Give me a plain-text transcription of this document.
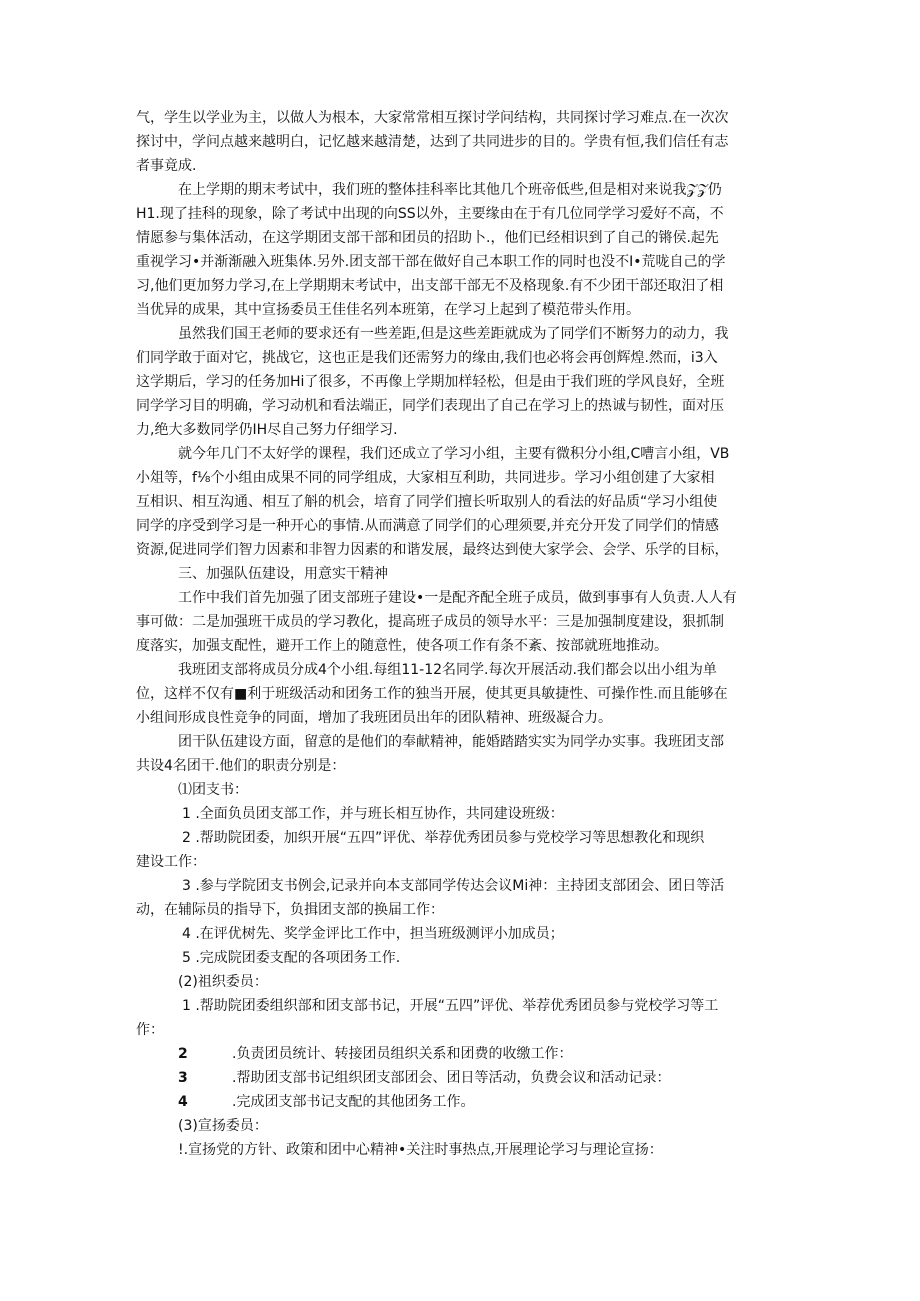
气，学生以学业为主，以做人为根本，大家常常相互探讨学问结构，共同探讨学习难点.在一次次
探讨中，学问点越来越明白，记忆越来越清楚，达到了共同进步的目的。学贵有恒,我们信任有志
者事竟成.
在上学期的期末考试中，我们班的整体挂科率比其他几个班帝低些,但是相对来说我𝒵𝒵仍
H1.现了挂科的现象，除了考试中出现的向SS以外，主要缘由在于有几位同学学习爱好不高，不
情愿参与集体活动，在这学期团支部干部和团员的招助卜.，他们已经相识到了自己的锵侯.起先
重视学习•并渐渐融入班集体.另外.团支部干部在做好自己本职工作的同时也没不I•荒咙自己的学
习,他们更加努力学习,在上学期期末考试中，出支部干部无不及格现象.有不少团干部还取汨了相
当优异的成果，其中宣扬委员王佳佳名列本班第，在学习上起到了模范带头作用。
虽然我们国王老师的要求还有一些差距,但是这些差距就成为了同学们不断努力的动力，我
们同学敢于面对它，挑战它，这也正是我们还需努力的缘由,我们也必将会再创辉煌.然而，i3入
这学期后，学习的任务加Hi了很多，不再像上学期加样轻松，但是由于我们班的学风良好，全班
同学学习目的明确，学习动机和看法端正，同学们表现出了自己在学习上的热诚与韧性，面对压
力,绝大多数同学仍IH尽自己努力仔细学习.
就今年几门不太好学的课程，我们还成立了学习小组，主要有微积分小组,C嘈言小组，VB
小俎等，f⅛个小组由成果不同的同学组成，大家相互利助，共同进步。学习小组创建了大家相
互相识、相互沟通、相互了斛的机会，培育了同学们擅长听取别人的看法的好品质“学习小组使
同学的序受到学习是一种开心的事情.从而满意了同学们的心理须要,并充分开发了同学们的情感
资源,促进同学们智力因素和非智力因素的和谐发展，最终达到使大家学会、会学、乐学的目标，
三、加强队伍建设，用意实干精神
工作中我们首先加强了团支部班子建设•一是配齐配全班子成员，做到事事有人负责.人人有
事可做：二是加强班干成员的学习教化，提高班子成员的领导水平：三是加强制度建设，狠抓制
度落实，加强支配性，避开工作上的随意性，使各项工作有条不紊、按部就班地推动。
我班团支部将成员分成4个小组.每组11-12名同学.每次开展活动.我们都会以出小组为单
位，这样不仅有■利于班级活动和团务工作的独当开展，使其更具敏捷性、可操作性.而且能够在
小组间形成良性竞争的同面，增加了我班团员出年的团队精神、班级凝合力。
团干队伍建设方面，留意的是他们的奉献精神，能婚踏踏实实为同学办实事。我班团支部
共设4名团干.他们的职责分别是：
⑴团支书：
1 .全面负员团支部工作，并与班长相互协作，共同建设班级：
2 .帮助院团委，加织开展“五四”评优、举荐优秀团员参与党校学习等思想教化和现织
建设工作：
3 .参与学院团支书例会,记录并向本支部同学传达会议Mi神：主持团支部团会、团日等活
动，在辅际员的指导下，负揖团支部的换届工作：
4 .在评优树先、奖学金评比工作中，担当班级测评小加成员；
5 .完成院团委支配的各项团务工作.
(2)祖织委员：
1 .帮助院团委组织部和团支部书记，开展“五四”评优、举荐优秀团员参与党校学习等工
作：
2	.负责团员统计、转接团员组织关系和团费的收缴工作：
3	.帮助团支部书记组织团支部团会、团日等活动，负费会议和活动记录：
4	.完成团支部书记支配的其他团务工作。
(3)宣扬委员：
!.宣扬党的方针、政策和团中心精神•关注时事热点,开展理论学习与理论宣扬：
